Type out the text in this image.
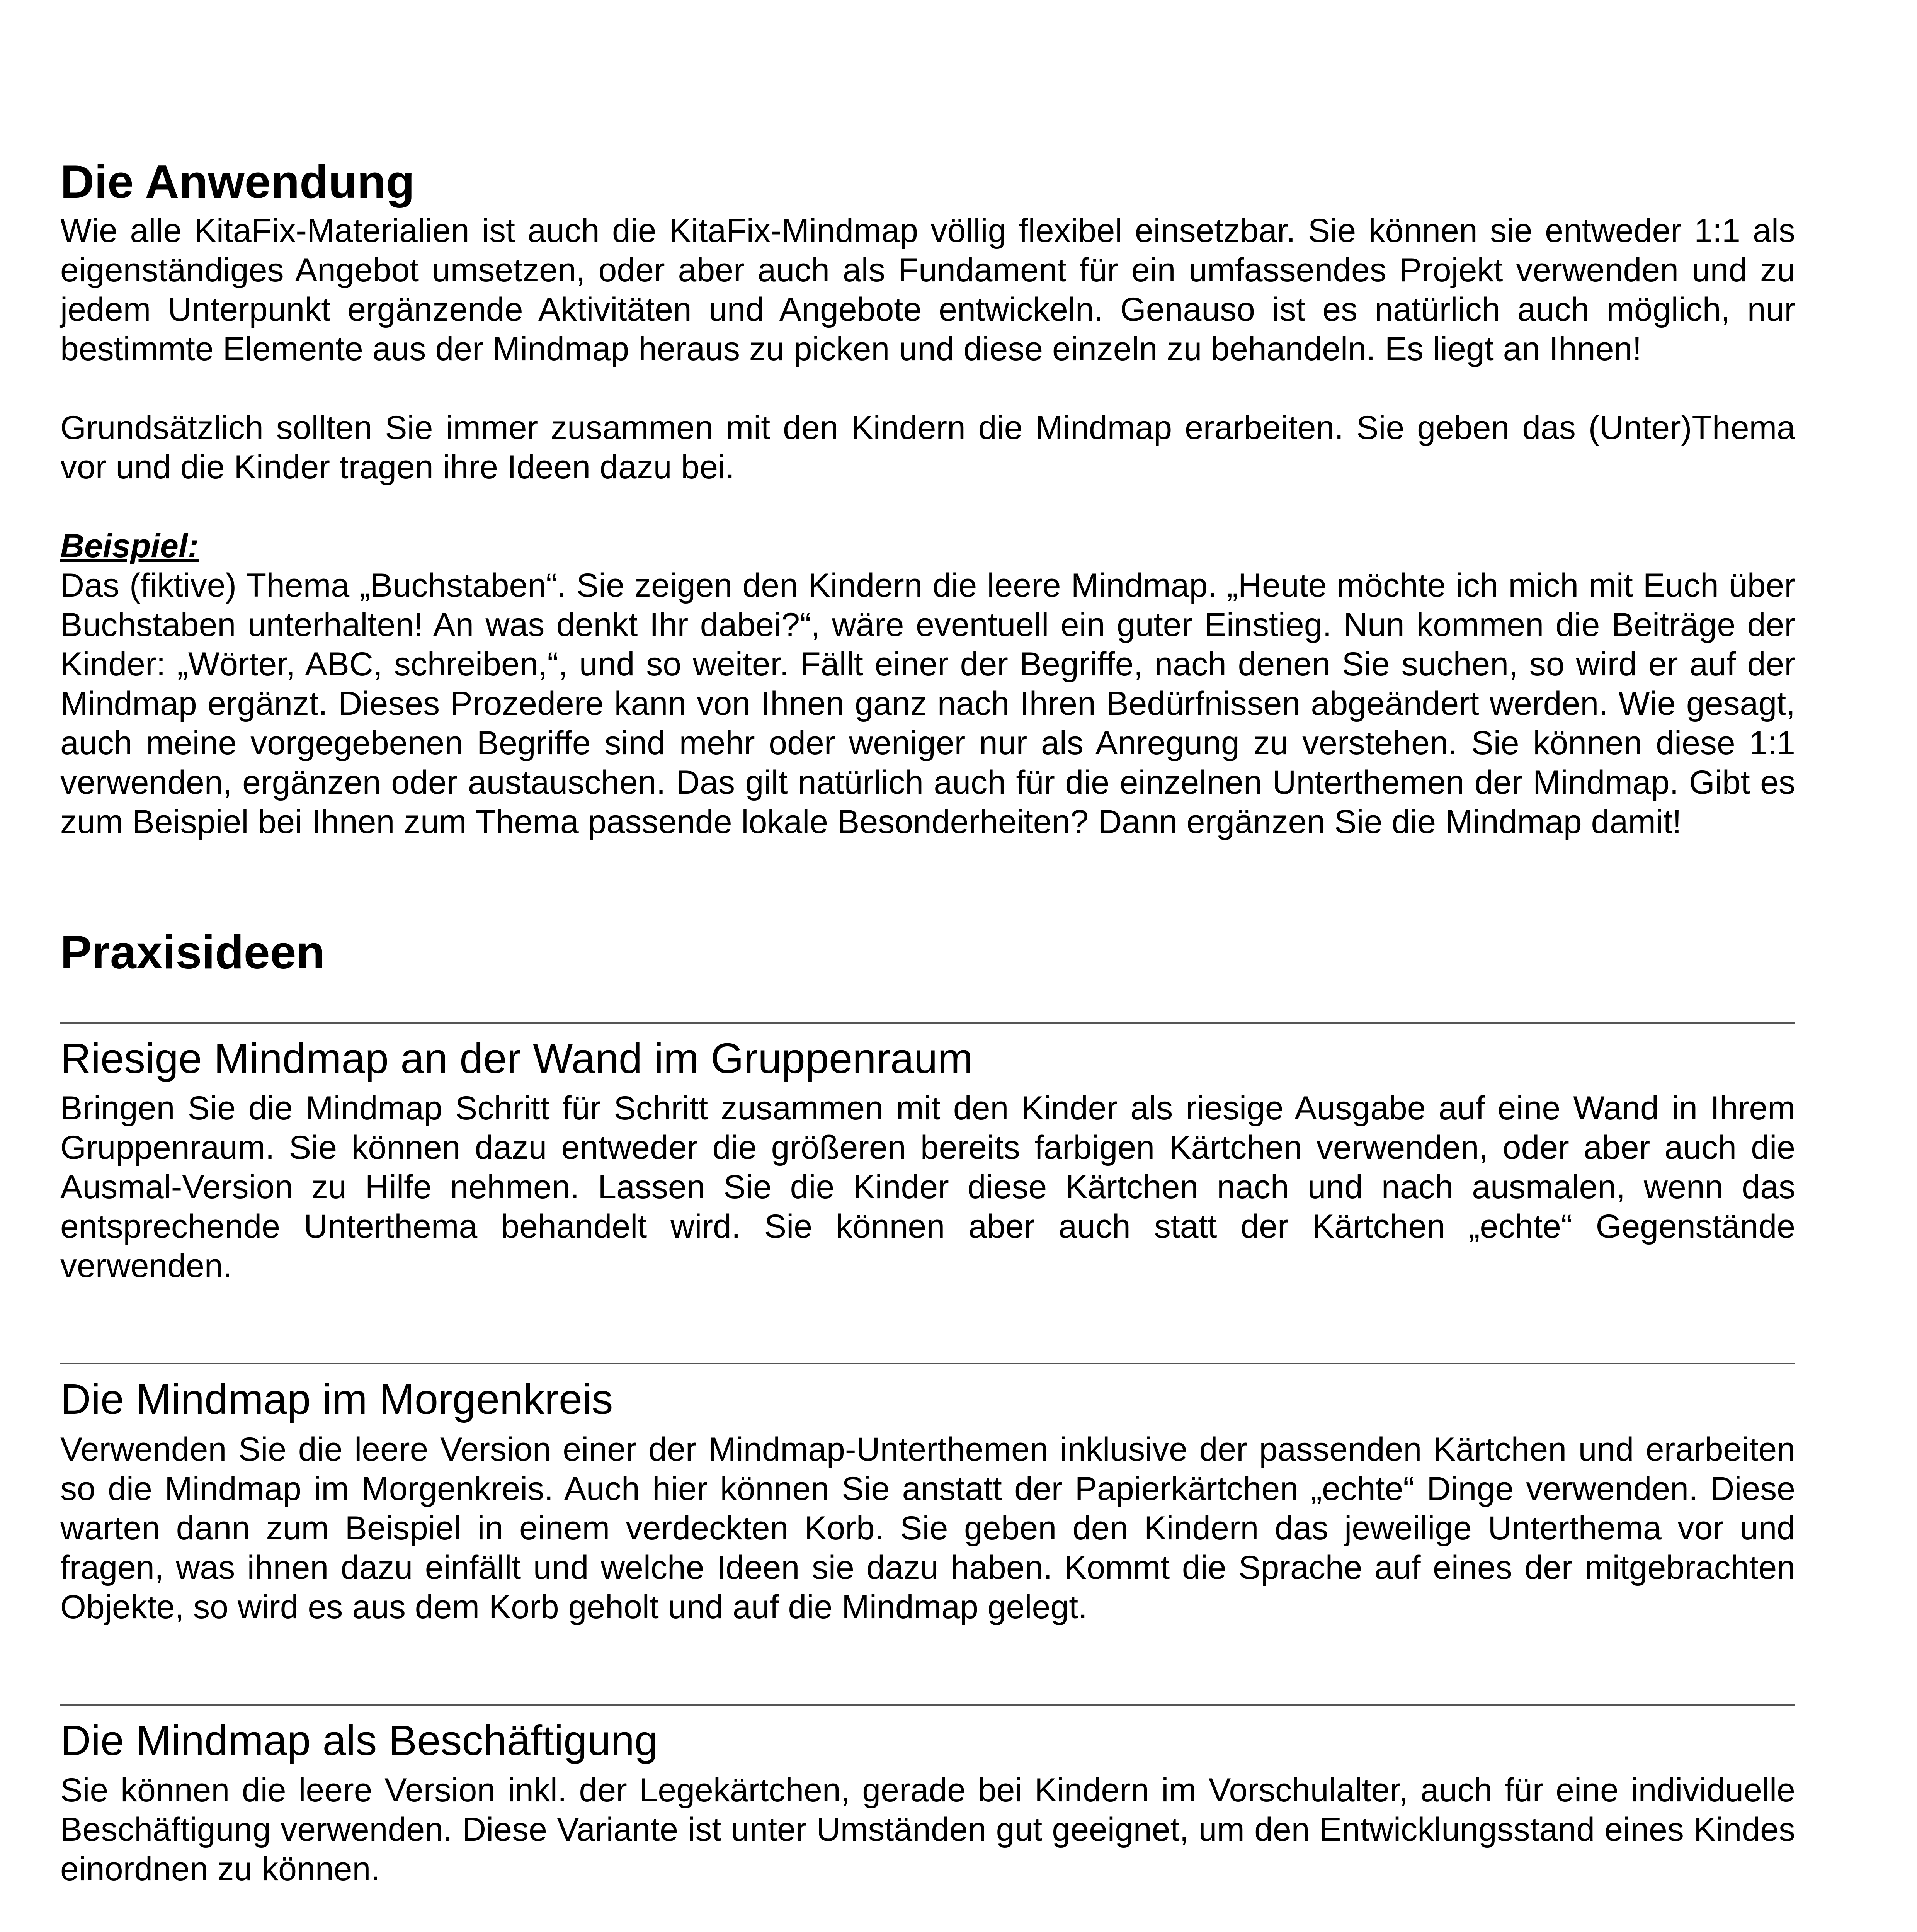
Die Anwendung

Wie alle KitaFix-Materialien ist auch die KitaFix-Mindmap völlig flexibel einsetzbar. Sie können sie entweder 1:1 als eigenständiges Angebot umsetzen, oder aber auch als Fundament für ein umfassendes Projekt verwenden und zu jedem Unterpunkt ergänzende Aktivitäten und Angebote entwickeln. Genauso ist es natürlich auch möglich, nur bestimmte Elemente aus der Mindmap heraus zu picken und diese einzeln zu behandeln. Es liegt an Ihnen!

Grundsätzlich sollten Sie immer zusammen mit den Kindern die Mindmap erarbeiten. Sie geben das (Unter)Thema vor und die Kinder tragen ihre Ideen dazu bei.

Beispiel:

Das (fiktive) Thema „Buchstaben“. Sie zeigen den Kindern die leere Mindmap. „Heute möchte ich mich mit Euch über Buchstaben unterhalten! An was denkt Ihr dabei?“, wäre eventuell ein guter Einstieg. Nun kommen die Beiträge der Kinder: „Wörter, ABC, schreiben,“, und so weiter. Fällt einer der Begriffe, nach denen Sie suchen, so wird er auf der Mindmap ergänzt. Dieses Prozedere kann von Ihnen ganz nach Ihren Bedürfnissen abgeändert werden. Wie gesagt, auch meine vorgegebenen Begriffe sind mehr oder weniger nur als Anregung zu verstehen. Sie können diese 1:1 verwenden, ergänzen oder austauschen. Das gilt natürlich auch für die einzelnen Unterthemen der Mindmap. Gibt es zum Beispiel bei Ihnen zum Thema passende lokale Besonderheiten? Dann ergänzen Sie die Mindmap damit!

Praxisideen
Riesige Mindmap an der Wand im Gruppenraum

Bringen Sie die Mindmap Schritt für Schritt zusammen mit den Kinder als riesige Ausgabe auf eine Wand in Ihrem Gruppenraum. Sie können dazu entweder die größeren bereits farbigen Kärtchen verwenden, oder aber auch die Ausmal-Version zu Hilfe nehmen. Lassen Sie die Kinder diese Kärtchen nach und nach ausmalen, wenn das entsprechende Unterthema behandelt wird. Sie können aber auch statt der Kärtchen „echte“ Gegenstände verwenden.

Die Mindmap im Morgenkreis

Verwenden Sie die leere Version einer der Mindmap-Unterthemen inklusive der passenden Kärtchen und erarbeiten so die Mindmap im Morgenkreis. Auch hier können Sie anstatt der Papierkärtchen „echte“ Dinge verwenden. Diese warten dann zum Beispiel in einem verdeckten Korb. Sie geben den Kindern das jeweilige Unterthema vor und fragen, was ihnen dazu einfällt und welche Ideen sie dazu haben. Kommt die Sprache auf eines der mitgebrachten Objekte, so wird es aus dem Korb geholt und auf die Mindmap gelegt.

Die Mindmap als Beschäftigung

Sie können die leere Version inkl. der Legekärtchen, gerade bei Kindern im Vorschulalter, auch für eine individuelle Beschäftigung verwenden. Diese Variante ist unter Umständen gut geeignet, um den Entwicklungsstand eines Kindes einordnen zu können.
